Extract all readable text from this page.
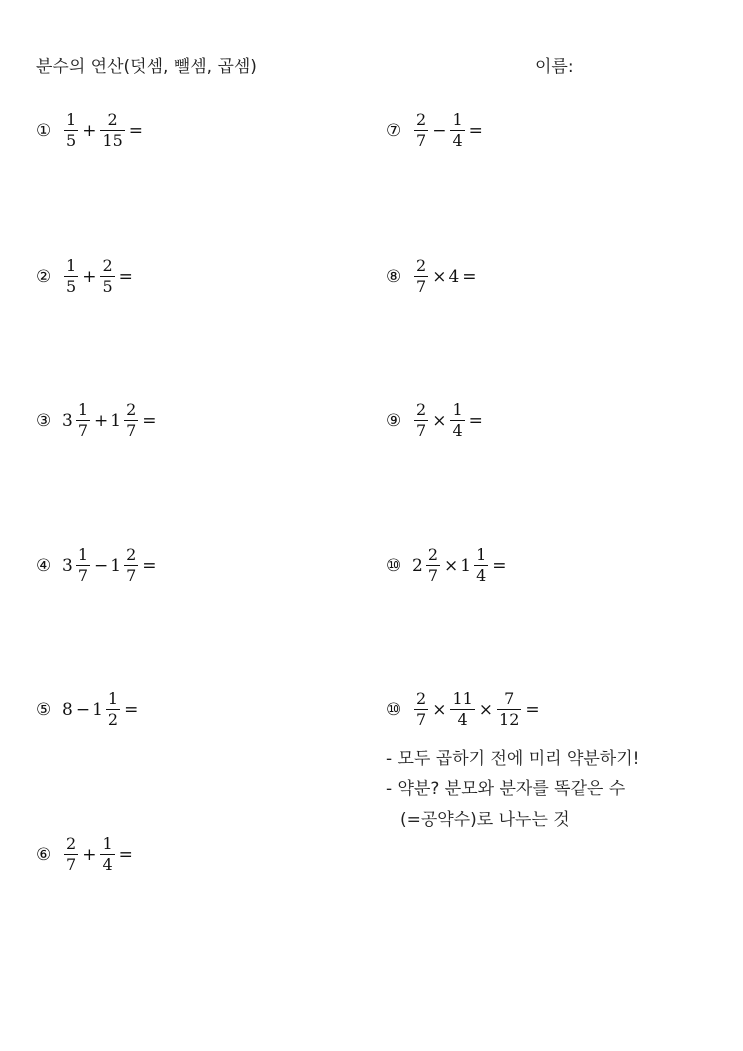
분수의 연산(덧셈, 뺄셈, 곱셈)	이름:
① $\frac{1}{5} + \frac{2}{15}$ =
② $\frac{1}{5} + \frac{2}{5}$ =
③ $3 \frac{1}{7} + 1 \frac{2}{7}$ =
④ $3 \frac{1}{7} - 1 \frac{2}{7}$ =
⑤ $8 - 1 \frac{1}{2}$ =
⑥ $\frac{2}{7} + \frac{1}{4}$ =
⑦ $\frac{2}{7} - \frac{1}{4}$ =
⑧ $\frac{2}{7} \times 4$ =
⑨ $\frac{2}{7} \times \frac{1}{4}$ =
⑩ $2 \frac{2}{7} \times 1 \frac{1}{4}$ =
⑩ $\frac{2}{7} \times \frac{11}{4} \times \frac{7}{12}$ =
- 모두 곱하기 전에 미리 약분하기!
- 약분? 분모와 분자를 똑같은 수
(=공약수)로 나누는 것
